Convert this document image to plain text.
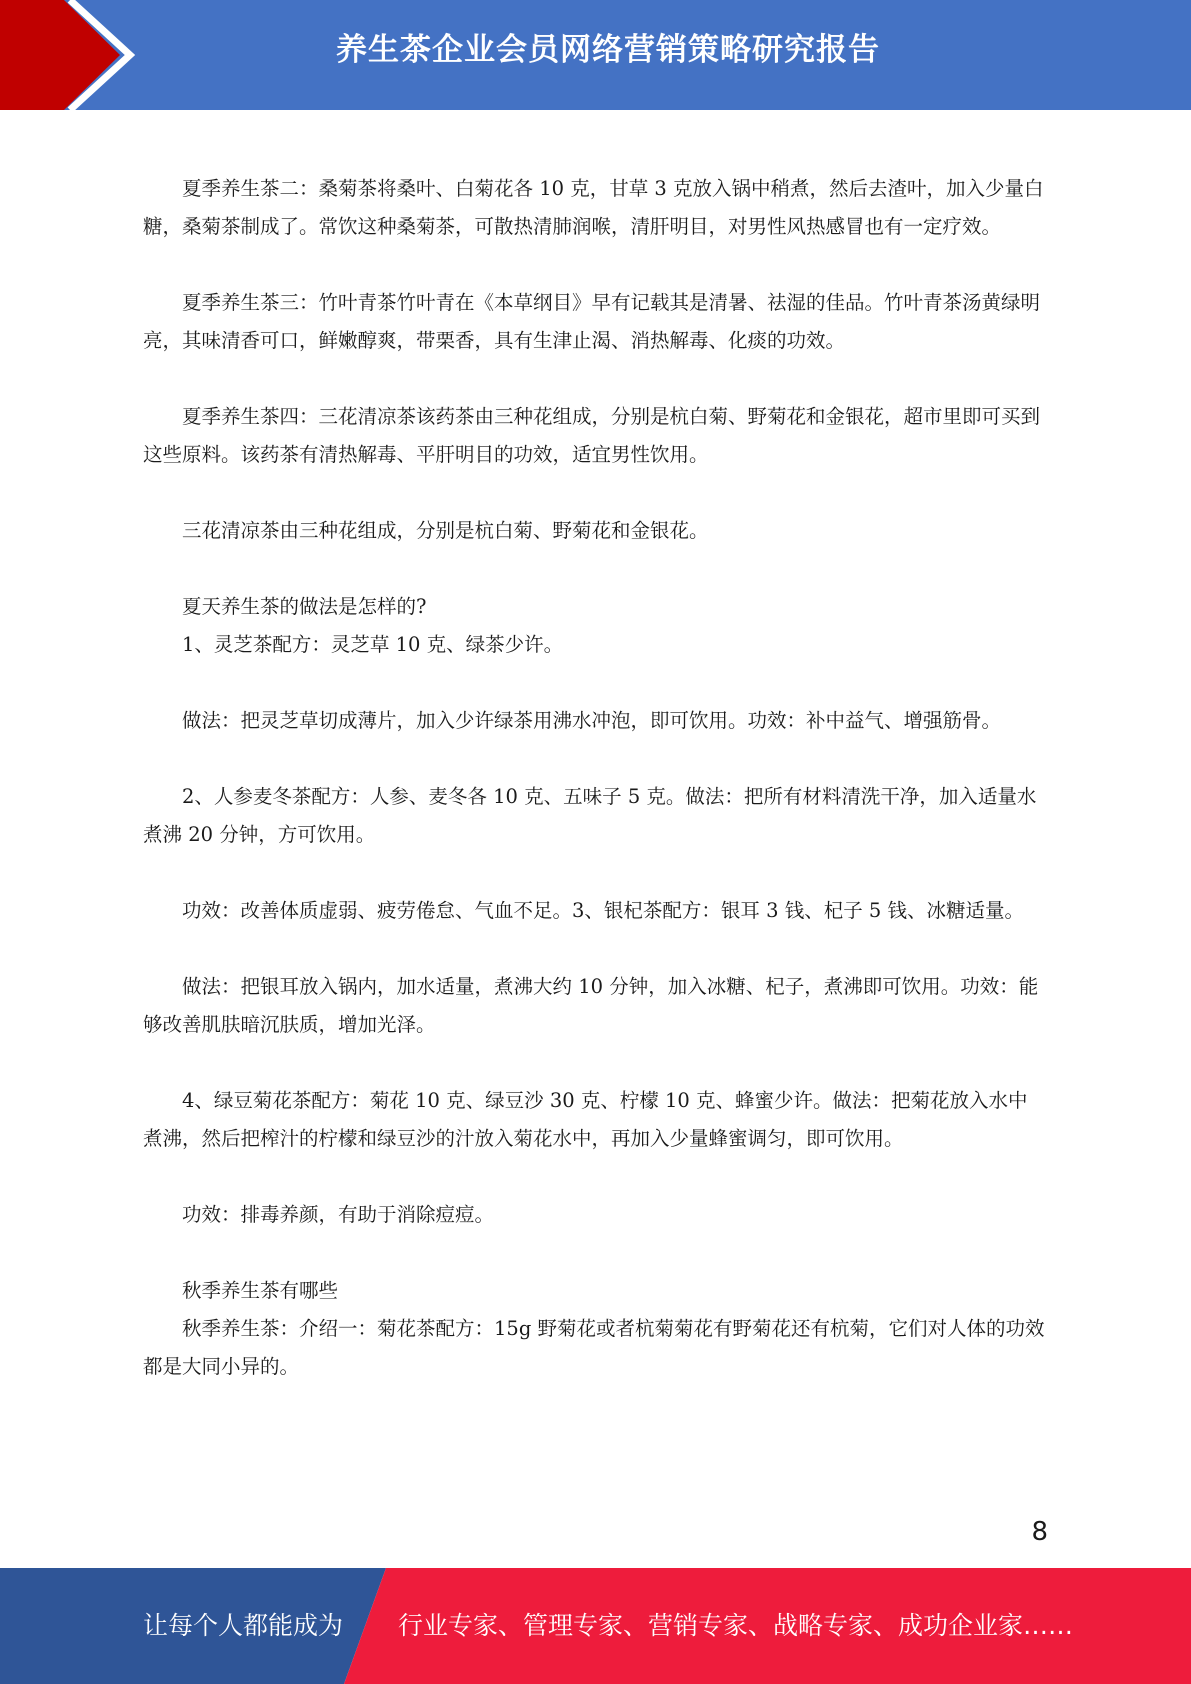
养生茶企业会员网络营销策略研究报告

夏季养生茶二：桑菊茶将桑叶、白菊花各 10 克，甘草 3 克放入锅中稍煮，然后去渣叶，加入少量白糖，桑菊茶制成了。常饮这种桑菊茶，可散热清肺润喉，清肝明目，对男性风热感冒也有一定疗效。

夏季养生茶三：竹叶青茶竹叶青在《本草纲目》早有记载其是清暑、祛湿的佳品。竹叶青茶汤黄绿明亮，其味清香可口，鲜嫩醇爽，带栗香，具有生津止渴、消热解毒、化痰的功效。

夏季养生茶四：三花清凉茶该药茶由三种花组成，分别是杭白菊、野菊花和金银花，超市里即可买到这些原料。该药茶有清热解毒、平肝明目的功效，适宜男性饮用。

三花清凉茶由三种花组成，分别是杭白菊、野菊花和金银花。

夏天养生茶的做法是怎样的?

1、灵芝茶配方：灵芝草 10 克、绿茶少许。

做法：把灵芝草切成薄片，加入少许绿茶用沸水冲泡，即可饮用。功效：补中益气、增强筋骨。

2、人参麦冬茶配方：人参、麦冬各 10 克、五味子 5 克。做法：把所有材料清洗干净，加入适量水煮沸 20 分钟，方可饮用。

功效：改善体质虚弱、疲劳倦怠、气血不足。3、银杞茶配方：银耳 3 钱、杞子 5 钱、冰糖适量。

做法：把银耳放入锅内，加水适量，煮沸大约 10 分钟，加入冰糖、杞子，煮沸即可饮用。功效：能够改善肌肤暗沉肤质，增加光泽。

4、绿豆菊花茶配方：菊花 10 克、绿豆沙 30 克、柠檬 10 克、蜂蜜少许。做法：把菊花放入水中煮沸，然后把榨汁的柠檬和绿豆沙的汁放入菊花水中，再加入少量蜂蜜调匀，即可饮用。

功效：排毒养颜，有助于消除痘痘。

秋季养生茶有哪些

秋季养生茶：介绍一：菊花茶配方：15g 野菊花或者杭菊菊花有野菊花还有杭菊，它们对人体的功效都是大同小异的。

8
让每个人都能成为 行业专家、管理专家、营销专家、战略专家、成功企业家……
